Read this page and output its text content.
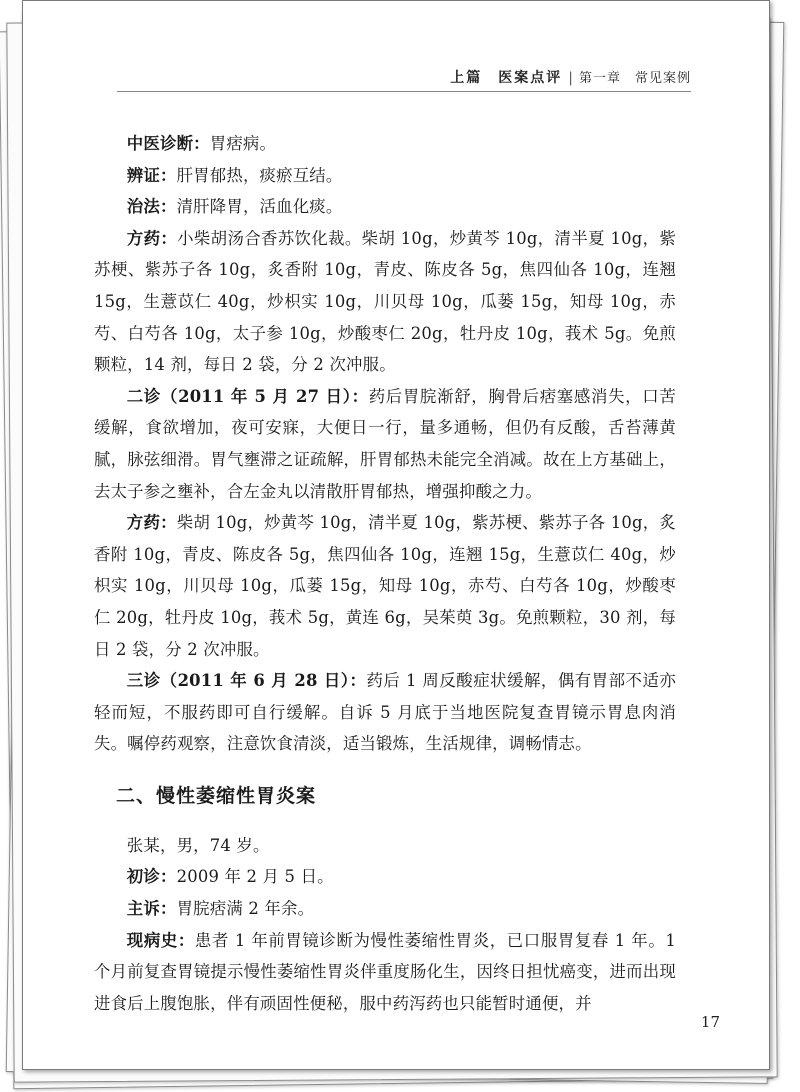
上篇　医案点评 | 第一章　常见案例

中医诊断：胃痞病。

辨证：肝胃郁热，痰瘀互结。

治法：清肝降胃，活血化痰。

方药：小柴胡汤合香苏饮化裁。柴胡 10g，炒黄芩 10g，清半夏 10g，紫苏梗、紫苏子各 10g，炙香附 10g，青皮、陈皮各 5g，焦四仙各 10g，连翘 15g，生薏苡仁 40g，炒枳实 10g，川贝母 10g，瓜蒌 15g，知母 10g，赤芍、白芍各 10g，太子参 10g，炒酸枣仁 20g，牡丹皮 10g，莪术 5g。免煎颗粒，14 剂，每日 2 袋，分 2 次冲服。

二诊（2011 年 5 月 27 日）：药后胃脘渐舒，胸骨后痞塞感消失，口苦缓解，食欲增加，夜可安寐，大便日一行，量多通畅，但仍有反酸，舌苔薄黄腻，脉弦细滑。胃气壅滞之证疏解，肝胃郁热未能完全消减。故在上方基础上，去太子参之壅补，合左金丸以清散肝胃郁热，增强抑酸之力。

方药：柴胡 10g，炒黄芩 10g，清半夏 10g，紫苏梗、紫苏子各 10g，炙香附 10g，青皮、陈皮各 5g，焦四仙各 10g，连翘 15g，生薏苡仁 40g，炒枳实 10g，川贝母 10g，瓜蒌 15g，知母 10g，赤芍、白芍各 10g，炒酸枣仁 20g，牡丹皮 10g，莪术 5g，黄连 6g，吴茱萸 3g。免煎颗粒，30 剂，每日 2 袋，分 2 次冲服。

三诊（2011 年 6 月 28 日）：药后 1 周反酸症状缓解，偶有胃部不适亦轻而短，不服药即可自行缓解。自诉 5 月底于当地医院复查胃镜示胃息肉消失。嘱停药观察，注意饮食清淡，适当锻炼，生活规律，调畅情志。

二、慢性萎缩性胃炎案

张某，男，74 岁。

初诊：2009 年 2 月 5 日。

主诉：胃脘痞满 2 年余。

现病史：患者 1 年前胃镜诊断为慢性萎缩性胃炎，已口服胃复春 1 年。1 个月前复查胃镜提示慢性萎缩性胃炎伴重度肠化生，因终日担忧癌变，进而出现进食后上腹饱胀，伴有顽固性便秘，服中药泻药也只能暂时通便，并

17
